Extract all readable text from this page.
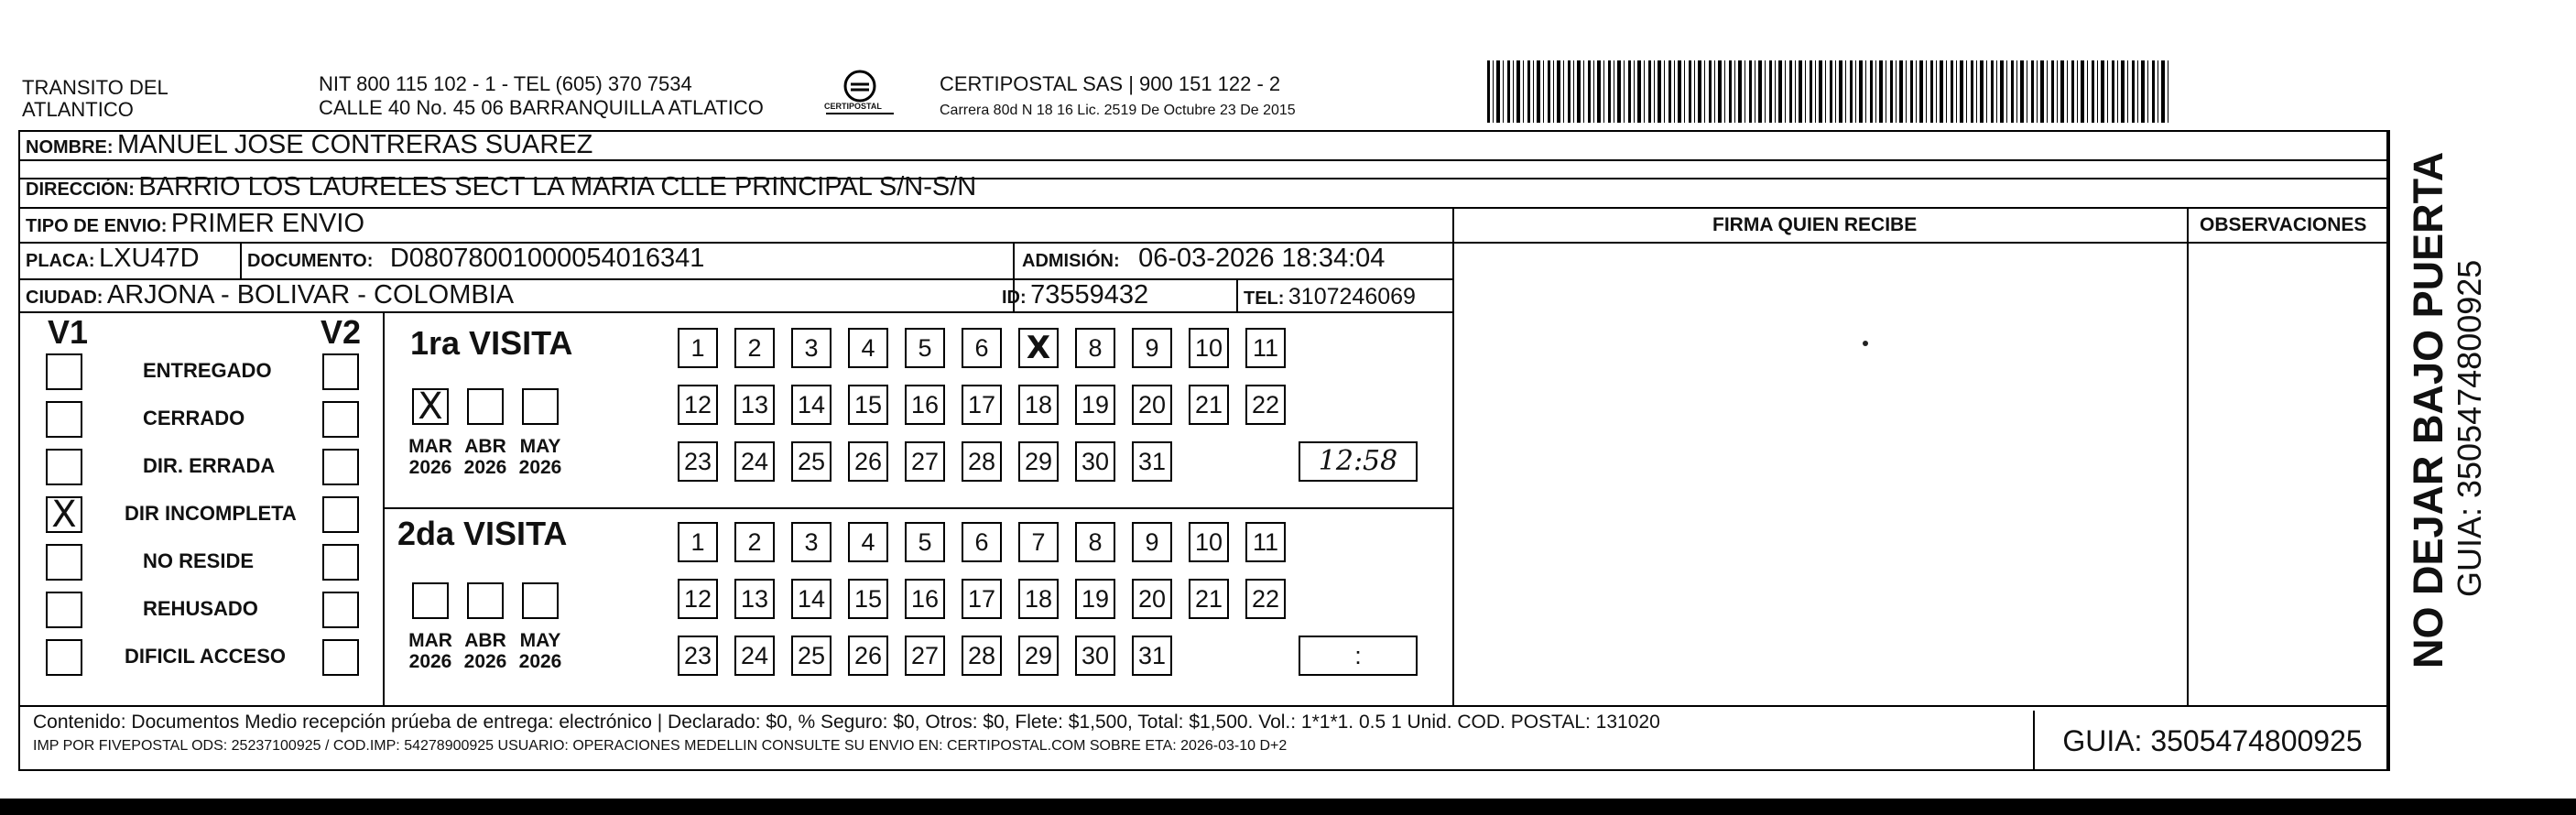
TRANSITO DEL
ATLANTICO
NIT 800 115 102 - 1 - TEL (605) 370 7534
CALLE 40 No. 45 06 BARRANQUILLA ATLATICO	CERTIPOSTAL
CERTIPOSTAL SAS | 900 151 122 - 2
Carrera 80d N 18 16 Lic. 2519 De Octubre 23 De 2015
NOMBRE: MANUEL JOSE CONTRERAS SUAREZ
DIRECCIÓN: BARRIO LOS LAURELES SECT LA MARIA CLLE PRINCIPAL S/N-S/N
TIPO DE ENVIO: PRIMER ENVIO	FIRMA QUIEN RECIBE	OBSERVACIONES
PLACA: LXU47D	DOCUMENTO: D08078001000054016341	ADMISIÓN: 06-03-2026 18:34:04
CIUDAD: ARJONA - BOLIVAR - COLOMBIA	ID: 73559432	TEL: 3107246069
V1	V2 1ra VISITA
2da VISITA
Contenido: Documentos Medio recepción prúeba de entrega: electrónico | Declarado: $0, % Seguro: $0, Otros: $0, Flete: $1,500, Total: $1,500. Vol.: 1*1*1. 0.5 1 Unid. COD. POSTAL: 131020
IMP POR FIVEPOSTAL ODS: 25237100925 / COD.IMP: 54278900925 USUARIO: OPERACIONES MEDELLIN CONSULTE SU ENVIO EN: CERTIPOSTAL.COM SOBRE ETA: 2026-03-10 D+2	GUIA: 3505474800925
NO DEJAR BAJO PUERTA GUIA: 3505474800925
ENTREGADO
CERRADO
DIR. ERRADA
X DIR INCOMPLETA
NO RESIDE
REHUSADO
DIFICIL ACCESO
X
MAR
2026
ABR
2026
MAY
2026
MAR
2026
ABR
2026
MAY
2026
1	2	3	4	5	6	X	8	9	10 11
12 13 14 15 16 17 18 19 20 21 22
23 24 25 26 27 28 29 30 31	12:58
1	2	3	4	5	6	7	8	9	10 11
12 13 14 15 16 17 18 19 20 21 22
23 24 25 26 27 28 29 30 31	:
